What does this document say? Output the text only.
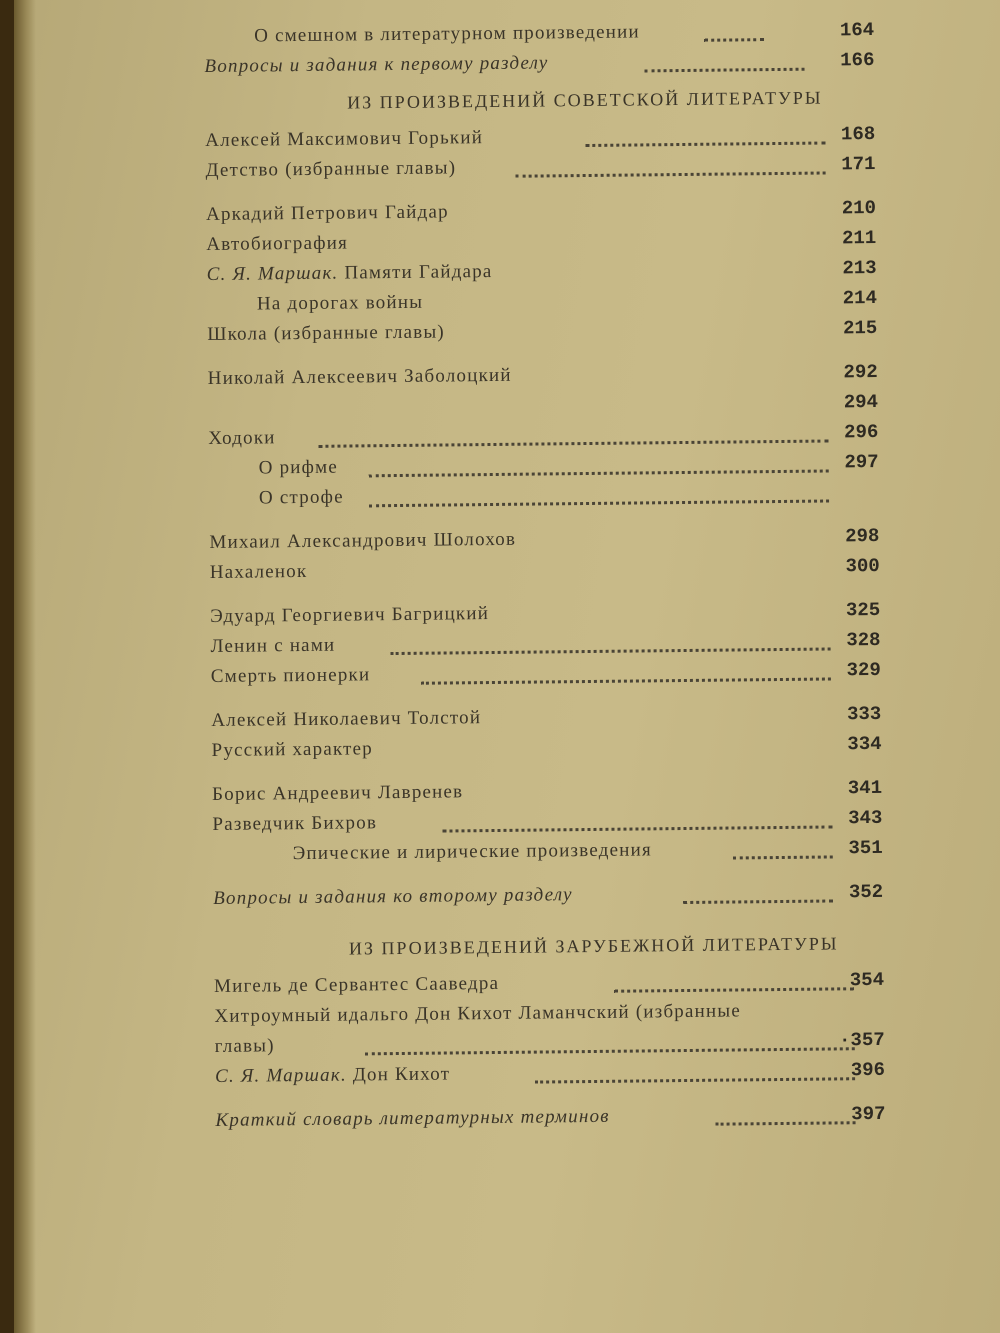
О смешном в литературном произведении	164
Вопросы и задания к первому разделу	166
ИЗ ПРОИЗВЕДЕНИЙ СОВЕТСКОЙ ЛИТЕРАТУРЫ
Алексей Максимович Горький	168
Детство (избранные главы)	171
Аркадий Петрович Гайдар	210
Автобиография	211
С. Я. Маршак. Памяти Гайдара	213
На дорогах войны	214
Школа (избранные главы)	215
Николай Алексеевич Заболоцкий	292
294
Ходоки	296
О рифме	297
О строфе
Михаил Александрович Шолохов	298
Нахаленок	300
Эдуард Георгиевич Багрицкий	325
Ленин с нами	328
Смерть пионерки	329
Алексей Николаевич Толстой	333
Русский характер	334
Борис Андреевич Лавренев	341
Разведчик Бихров	343
Эпические и лирические произведения	351
Вопросы и задания ко второму разделу	352
ИЗ ПРОИЗВЕДЕНИЙ ЗАРУБЕЖНОЙ ЛИТЕРАТУРЫ
Мигель де Сервантес Сааведра	354
Хитроумный идальго Дон Кихот Ламанчский (избранные
главы)	·357
С. Я. Маршак. Дон Кихот	396
Краткий словарь литературных терминов	397
